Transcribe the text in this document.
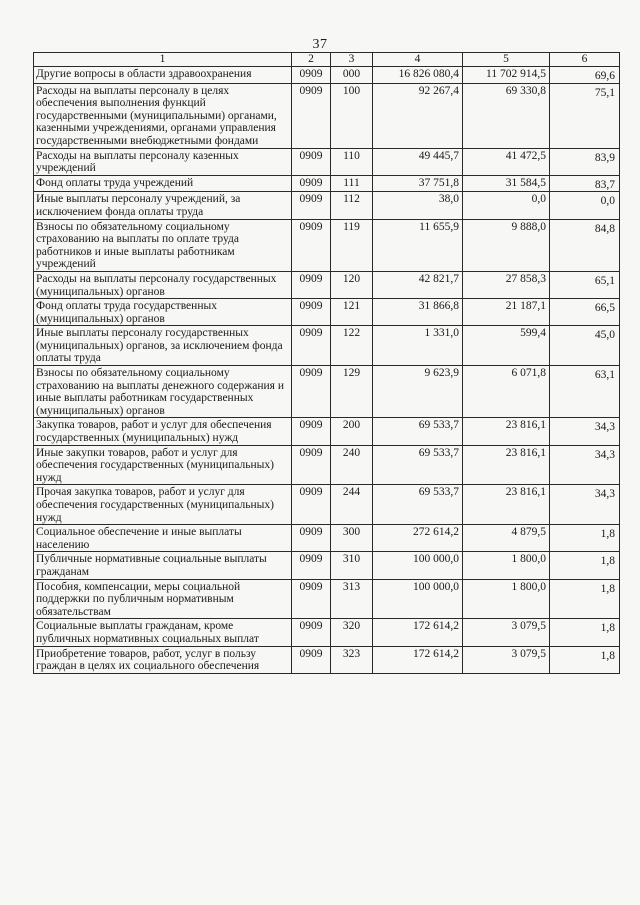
37
1	2	3	4	5	6
Другие вопросы в области здравоохранения	0909	000	16 826 080,4	11 702 914,5	69,6
Расходы на выплаты персоналу в целях обеспечения выполнения функций государственными (муниципальными) органами, казенными учреждениями, органами управления государственными внебюджетными фондами	0909	100	92 267,4	69 330,8	75,1
Расходы на выплаты персоналу казенных учреждений	0909	110	49 445,7	41 472,5	83,9
Фонд оплаты труда учреждений	0909	111	37 751,8	31 584,5	83,7
Иные выплаты персоналу учреждений, за исключением фонда оплаты труда	0909	112	38,0	0,0	0,0
Взносы по обязательному социальному страхованию на выплаты по оплате труда работников и иные выплаты работникам учреждений	0909	119	11 655,9	9 888,0	84,8
Расходы на выплаты персоналу государственных (муниципальных) органов	0909	120	42 821,7	27 858,3	65,1
Фонд оплаты труда государственных (муниципальных) органов	0909	121	31 866,8	21 187,1	66,5
Иные выплаты персоналу государственных (муниципальных) органов, за исключением фонда оплаты труда	0909	122	1 331,0	599,4	45,0
Взносы по обязательному социальному страхованию на выплаты денежного содержания и иные выплаты работникам государственных (муниципальных) органов	0909	129	9 623,9	6 071,8	63,1
Закупка товаров, работ и услуг для обеспечения государственных (муниципальных) нужд	0909	200	69 533,7	23 816,1	34,3
Иные закупки товаров, работ и услуг для обеспечения государственных (муниципальных) нужд	0909	240	69 533,7	23 816,1	34,3
Прочая закупка товаров, работ и услуг для обеспечения государственных (муниципальных) нужд	0909	244	69 533,7	23 816,1	34,3
Социальное обеспечение и иные выплаты населению	0909	300	272 614,2	4 879,5	1,8
Публичные нормативные социальные выплаты гражданам	0909	310	100 000,0	1 800,0	1,8
Пособия, компенсации, меры социальной поддержки по публичным нормативным обязательствам	0909	313	100 000,0	1 800,0	1,8
Социальные выплаты гражданам, кроме публичных нормативных социальных выплат	0909	320	172 614,2	3 079,5	1,8
Приобретение товаров, работ, услуг в пользу граждан в целях их социального обеспечения	0909	323	172 614,2	3 079,5	1,8
